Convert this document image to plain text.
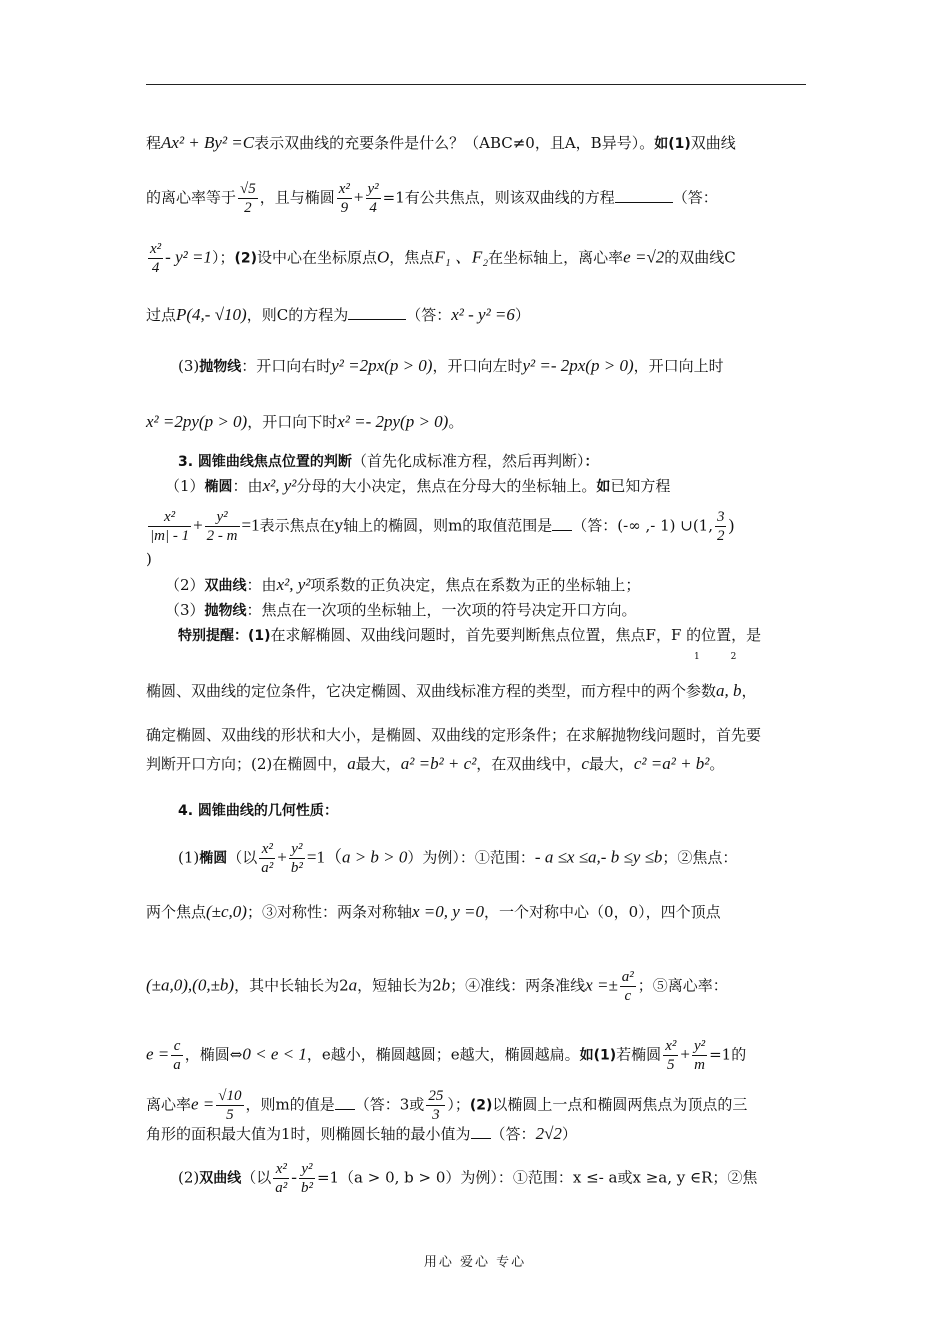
程Ax² + By² =C表示双曲线的充要条件是什么？（ABC≠0，且A，B异号）。如(1)双曲线
的离心率等于 $\frac{√5}{2}$ ，且与椭圆 $\frac{\text{x²}}{9} + \frac{\text{y²}}{4} =1$有公共焦点，则该双曲线的方程	（答：
$\frac{\text{x²}}{4} - y^2 =1$）；(2)设中心在坐标原点O，焦点F₁ 、F₂在坐标轴上，离心率e =√2的双曲线C
过点P(4,- √10)，则C的方程为	（答：x² - y² =6）
(3)抛物线：开口向右时y² =2px(p > 0)，开口向左时y² =- 2px(p > 0)，开口向上时
x² =2py(p > 0)，开口向下时x² =- 2py(p > 0)。
3. 圆锥曲线焦点位置的判断（首先化成标准方程，然后再判断）：
（1）椭圆：由x², y²分母的大小决定，焦点在分母大的坐标轴上。如已知方程
$\frac{\text{x²}}{|m| - 1} + \frac{\text{y²}}{2 - m} =1$表示焦点在y轴上的椭圆，则m的取值范围是 （答：(-∞ ,- 1) ∪(1, $\frac{3}{2}$ )
)
（2）双曲线：由x², y²项系数的正负决定，焦点在系数为正的坐标轴上；
（3）抛物线：焦点在一次项的坐标轴上，一次项的符号决定开口方向。
特别提醒：(1)在求解椭圆、双曲线问题时，首先要判断焦点位置，焦点F，F 的位置，是
1 2
椭圆、双曲线的定位条件，它决定椭圆、双曲线标准方程的类型，而方程中的两个参数a, b，
确定椭圆、双曲线的形状和大小，是椭圆、双曲线的定形条件；在求解抛物线问题时，首先要
判断开口方向；(2)在椭圆中，a最大，a² =b² + c²，在双曲线中，c最大，c² =a² + b²。
4. 圆锥曲线的几何性质：
(1)椭圆（以 $\frac{\text{x²}}{\text{a²}} + \frac{\text{y²}}{\text{b²}} =1(a > b > 0)$为例）：①范围：- a ≤x ≤a,- b ≤y ≤b；②焦点：
两个焦点(±c,0)；③对称性：两条对称轴x =0, y =0，一个对称中心（0，0），四个顶点
(±a,0),(0,±b)，其中长轴长为2a，短轴长为2b；④准线：两条准线$x =\pm \frac{\text{a²}}{c}$ ；⑤离心率：
$e = \frac{c}{a}$ ，椭圆⇔0 < e < 1，e越小，椭圆越圆；e越大，椭圆越扁。如(1)若椭圆 $\frac{\text{x²}}{5} + \frac{\text{y²}}{m} =1$的
离心率$e = \frac{√10}{5}$ ，则m的值是 （答：3或 $\frac{25}{3}$ ）；(2)以椭圆上一点和椭圆两焦点为顶点的三
角形的面积最大值为1时，则椭圆长轴的最小值为 （答：2√2）
(2)双曲线（以 $\frac{\text{x²}}{\text{a²}} - \frac{\text{y²}}{\text{b²}} =1(a > 0$, b > 0）为例）：①范围：x ≤- a或x ≥a, y ∈R；②焦
用心 爱心 专心
